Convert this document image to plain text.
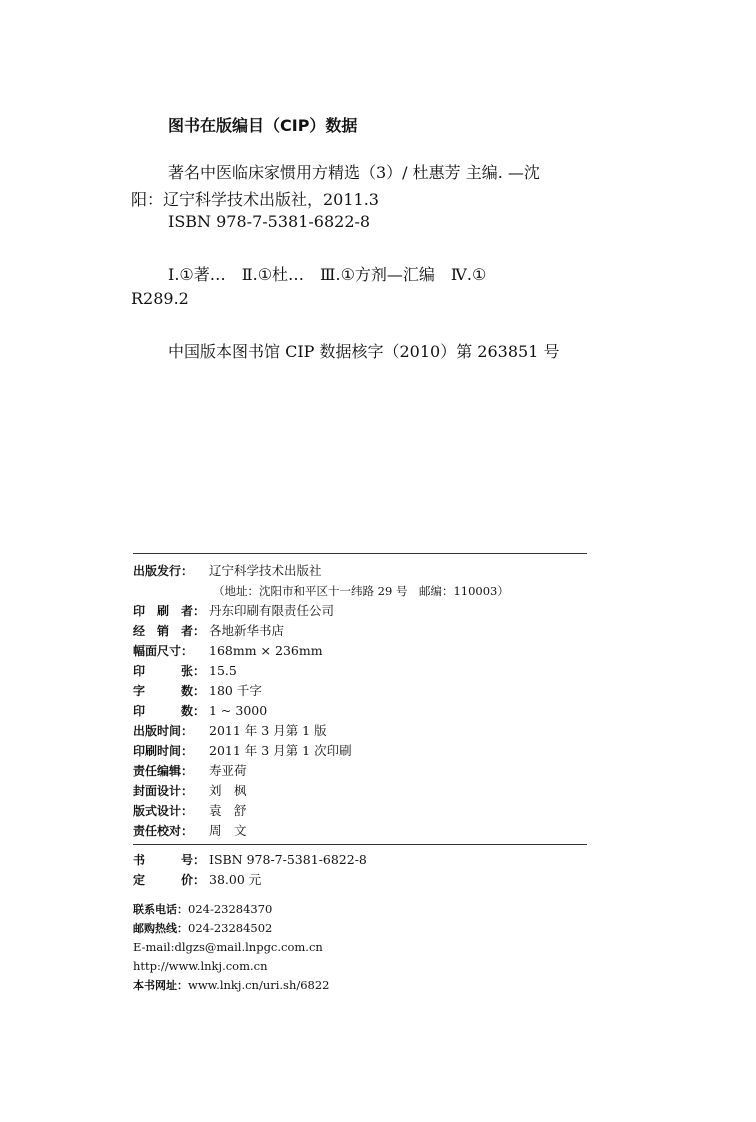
图书在版编目（CIP）数据
著名中医临床家惯用方精选（3）/ 杜惠芳 主编. —沈
阳：辽宁科学技术出版社，2011.3
ISBN 978-7-5381-6822-8
Ⅰ.①著…　Ⅱ.①杜…　Ⅲ.①方剂—汇编　Ⅳ.①
R289.2
中国版本图书馆 CIP 数据核字（2010）第 263851 号
出版发行：	辽宁科学技术出版社
（地址：沈阳市和平区十一纬路 29 号　邮编：110003）
印　刷　者： 丹东印刷有限责任公司
经　销　者： 各地新华书店
幅面尺寸：	168mm × 236mm
印　　　张： 15.5
字　　　数： 180 千字
印　　　数： 1 ~ 3000
出版时间：	2011 年 3 月第 1 版
印刷时间：	2011 年 3 月第 1 次印刷
责任编辑：	寿亚荷
封面设计：	刘　枫
版式设计：	袁　舒
责任校对：	周　文
书　　　号： ISBN 978-7-5381-6822-8
定　　　价： 38.00 元
联系电话：024-23284370
邮购热线：024-23284502
E-mail:dlgzs@mail.lnpgc.com.cn
http://www.lnkj.com.cn
本书网址：www.lnkj.cn/uri.sh/6822
